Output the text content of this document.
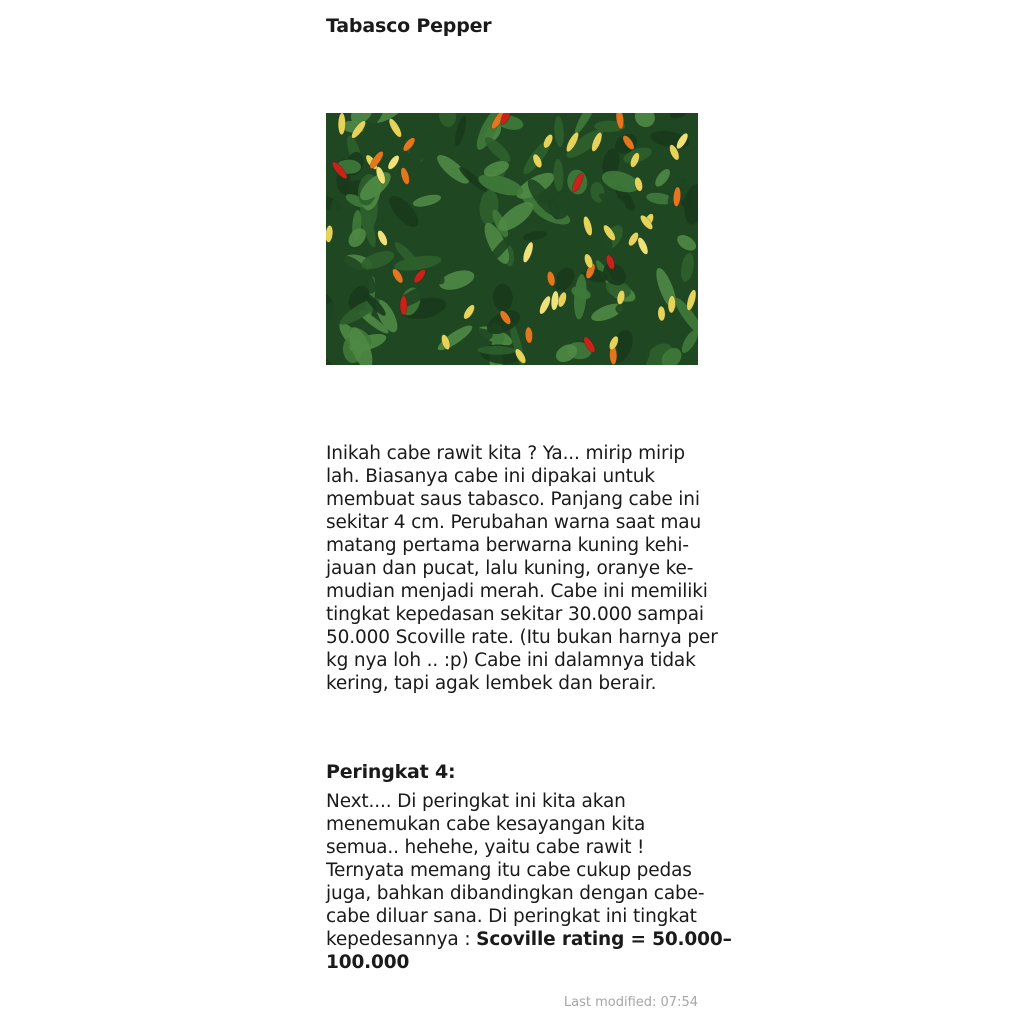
Tabasco Pepper
Inikah cabe rawit kita ? Ya... mirip mirip
lah. Biasanya cabe ini dipakai untuk
membuat saus tabasco. Panjang cabe ini
sekitar 4 cm. Perubahan warna saat mau
matang pertama berwarna kuning kehi-
jauan dan pucat, lalu kuning, oranye ke-
mudian menjadi merah. Cabe ini memiliki
tingkat kepedasan sekitar 30.000 sampai
50.000 Scoville rate. (Itu bukan harnya per
kg nya loh .. :p) Cabe ini dalamnya tidak
kering, tapi agak lembek dan berair.
Peringkat 4:
Next.... Di peringkat ini kita akan
menemukan cabe kesayangan kita
semua.. hehehe, yaitu cabe rawit !
Ternyata memang itu cabe cukup pedas
juga, bahkan dibandingkan dengan cabe-
cabe diluar sana. Di peringkat ini tingkat
kepedesannya : Scoville rating = 50.000–
100.000
Last modified: 07:54
